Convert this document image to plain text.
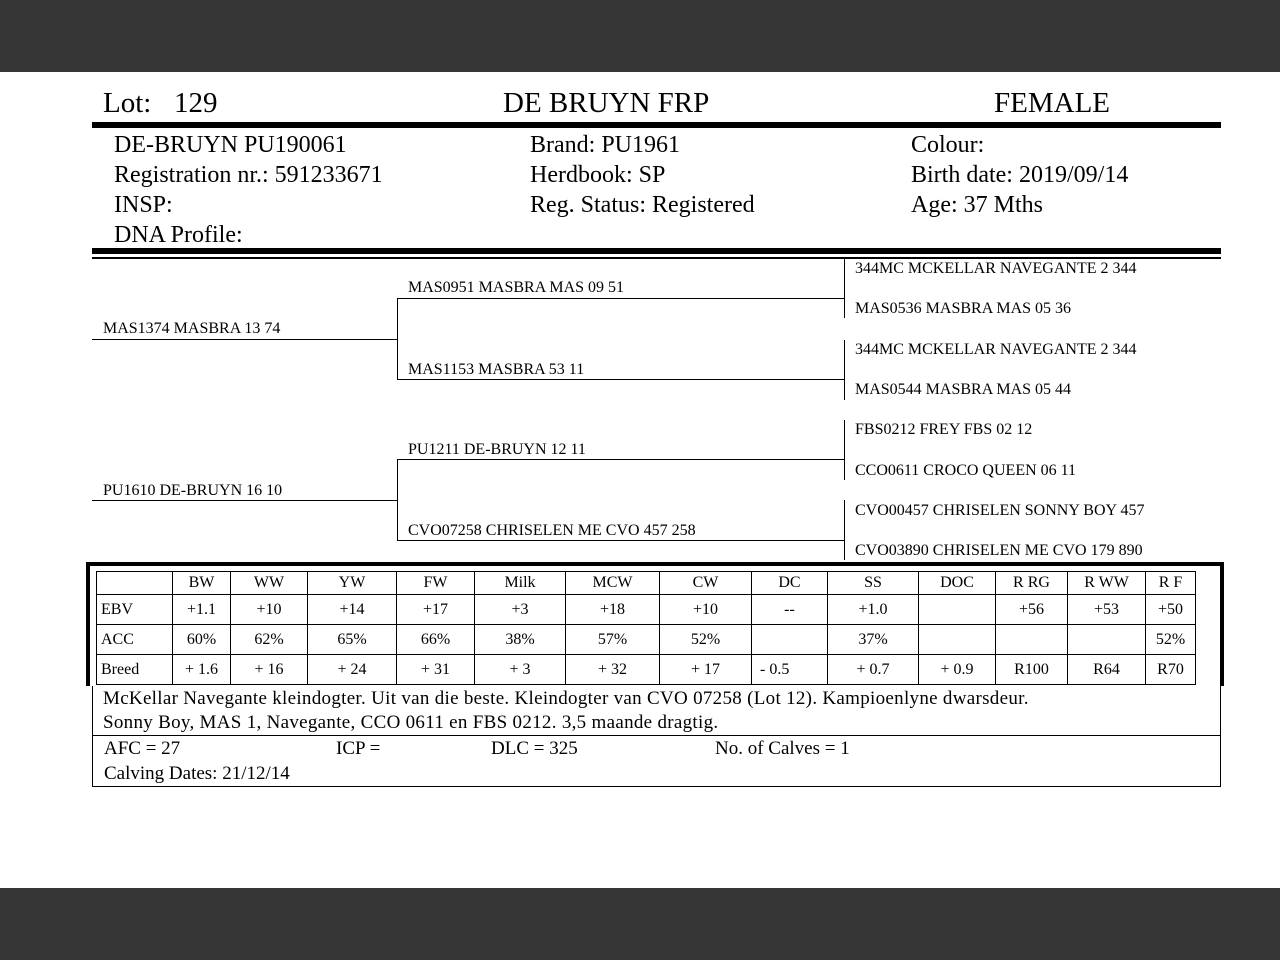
Lot: 129	DE BRUYN FRP	FEMALE
DE-BRUYN PU190061
Registration nr.: 591233671
INSP:
DNA Profile:
Brand: PU1961
Herdbook: SP
Reg. Status: Registered
Colour:
Birth date: 2019/09/14
Age: 37 Mths
MAS1374 MASBRA 13 74
PU1610 DE-BRUYN 16 10
MAS0951 MASBRA MAS 09 51
MAS1153 MASBRA 53 11
PU1211 DE-BRUYN 12 11
CVO07258 CHRISELEN ME CVO 457 258
344MC MCKELLAR NAVEGANTE 2 344
MAS0536 MASBRA MAS 05 36
344MC MCKELLAR NAVEGANTE 2 344
MAS0544 MASBRA MAS 05 44
FBS0212 FREY FBS 02 12
CCO0611 CROCO QUEEN 06 11
CVO00457 CHRISELEN SONNY BOY 457
CVO03890 CHRISELEN ME CVO 179 890
	BW	WW	YW	FW	Milk	MCW	CW	DC	SS	DOC	R RG	R WW	R F
EBV	+1.1	+10	+14	+17	+3	+18	+10	--	+1.0		+56	+53	+50
ACC	60%	62%	65%	66%	38%	57%	52%		37%				52%
Breed	+ 1.6	+ 16	+ 24	+ 31	+ 3	+ 32	+ 17	- 0.5	+ 0.7	+ 0.9	R100	R64	R70
McKellar Navegante kleindogter. Uit van die beste. Kleindogter van CVO 07258 (Lot 12). Kampioenlyne dwarsdeur.
Sonny Boy, MAS 1, Navegante, CCO 0611 en FBS 0212. 3,5 maande dragtig.
AFC = 27	ICP =	DLC = 325	No. of Calves = 1
Calving Dates: 21/12/14
